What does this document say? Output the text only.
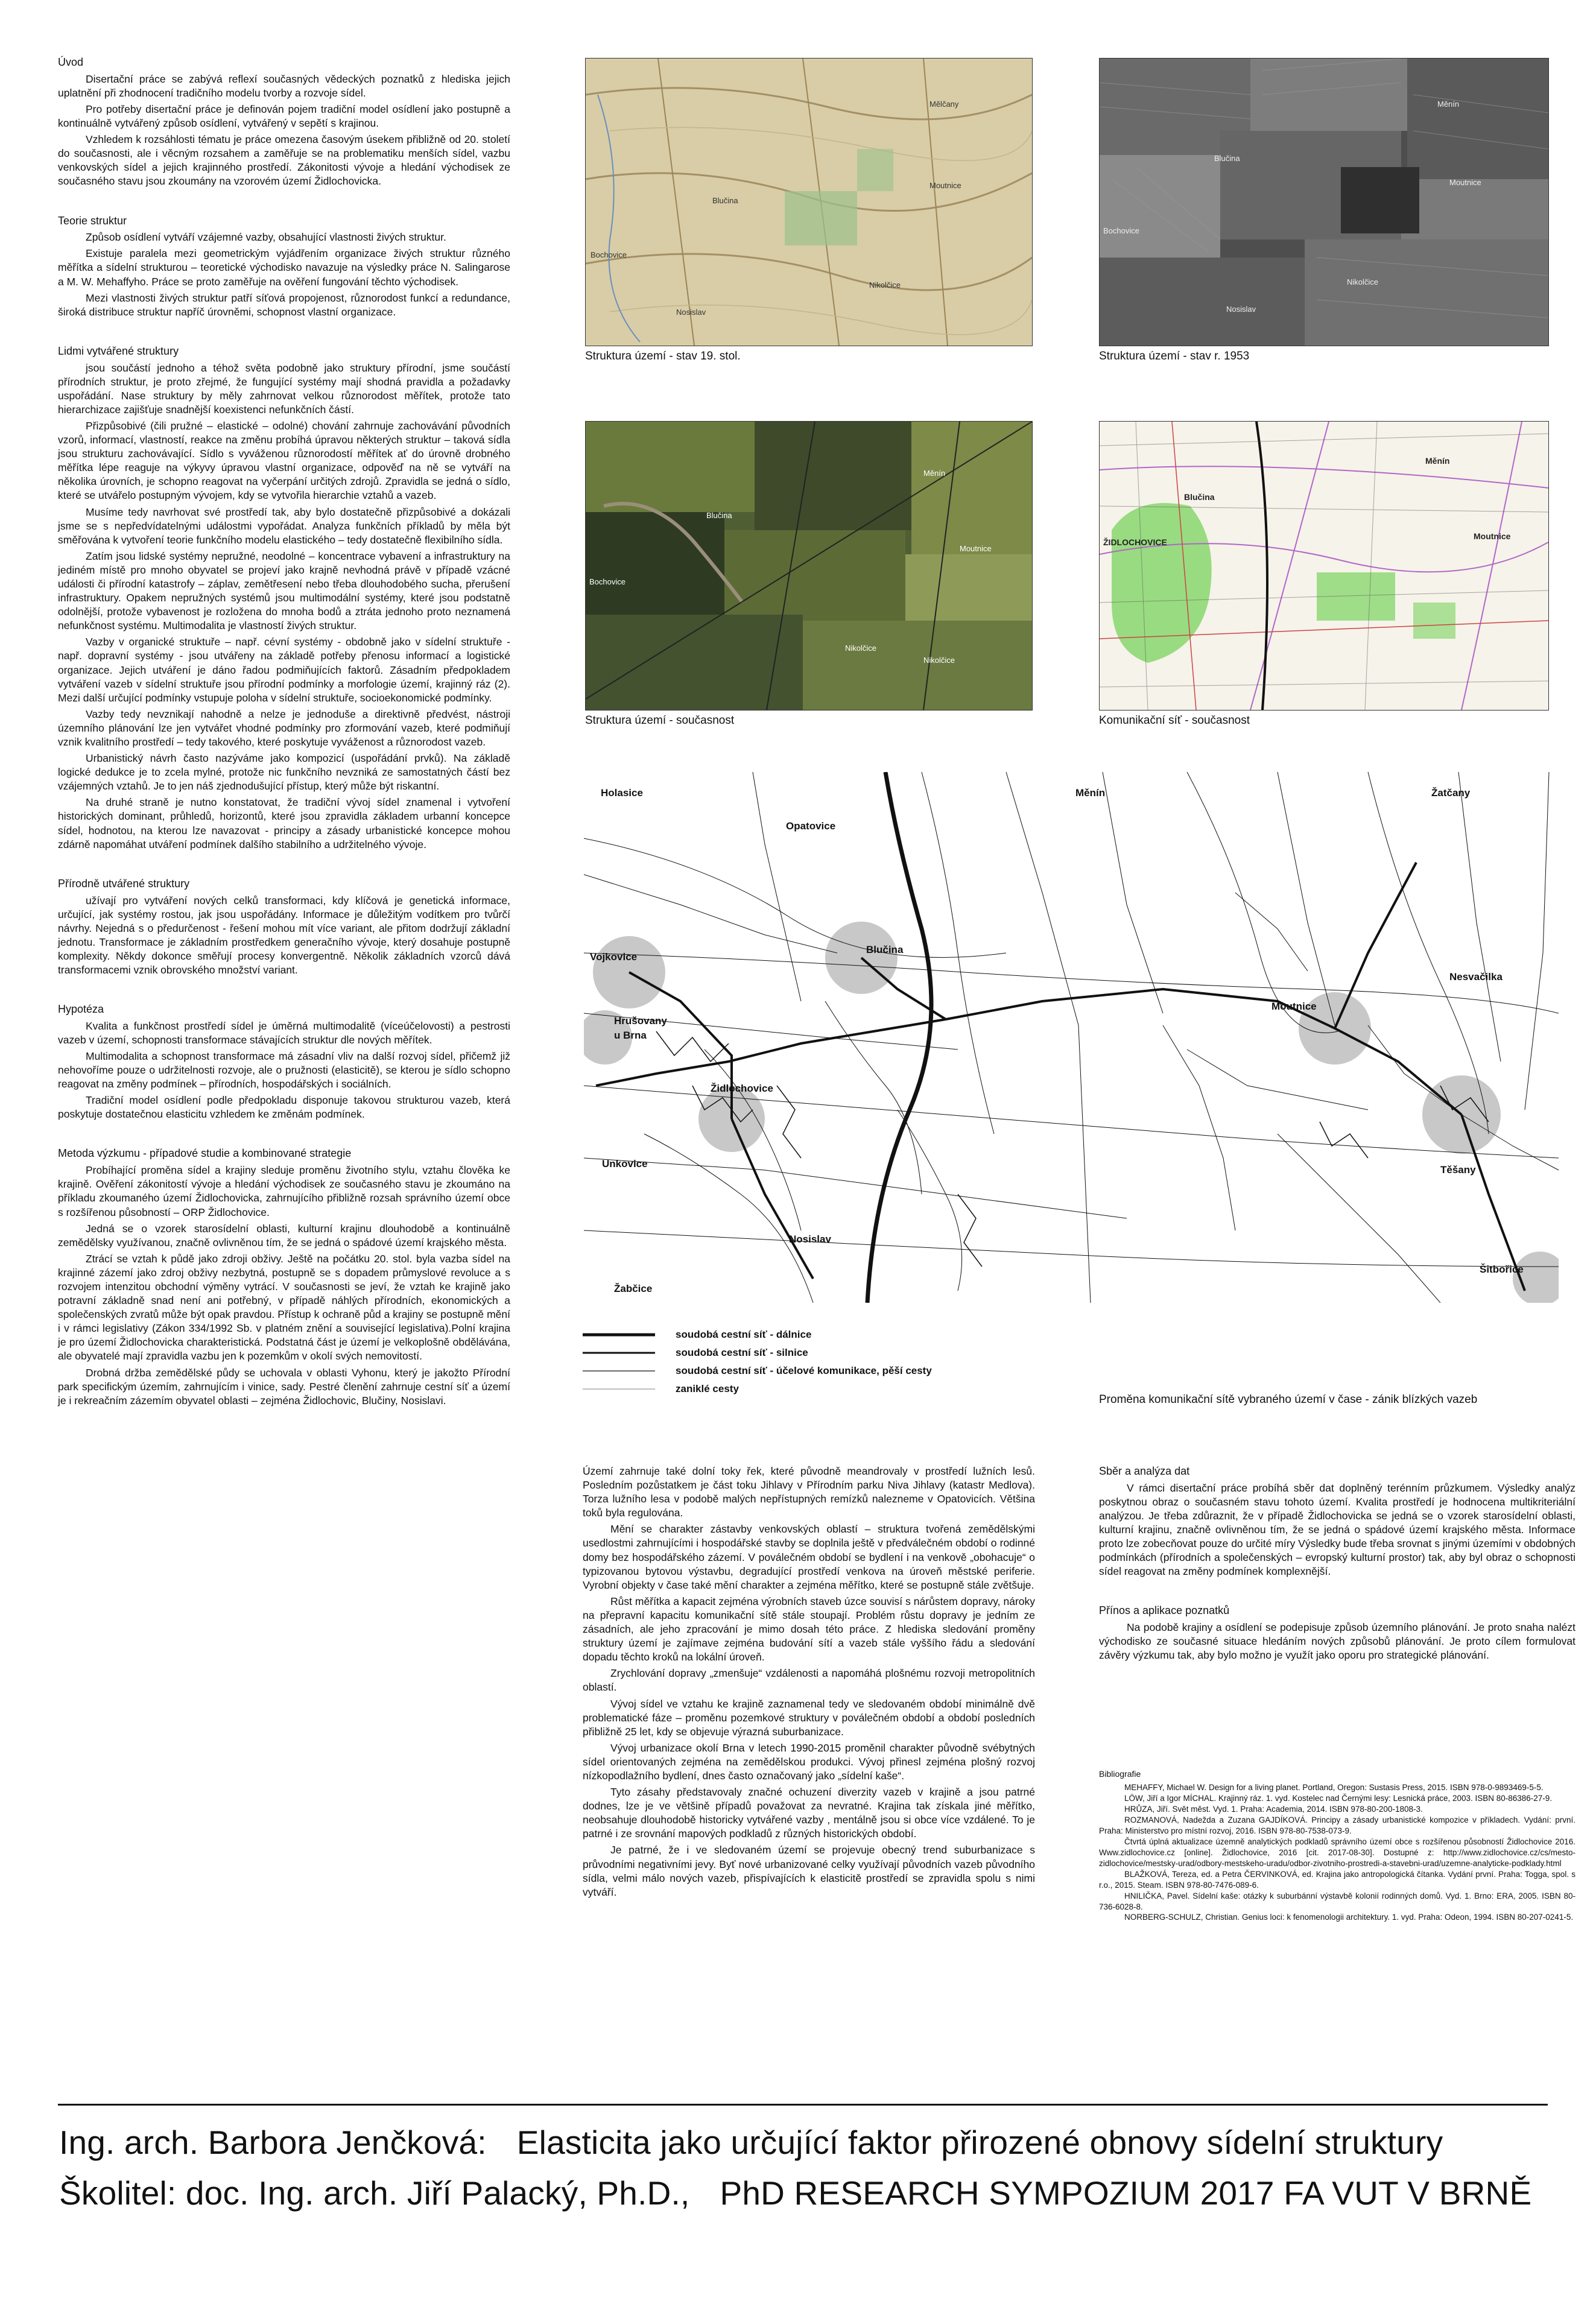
Úvod

Disertační práce se zabývá reflexí současných vědeckých poznatků z hlediska jejich uplatnění při zhodnocení tradičního modelu tvorby a rozvoje sídel.

Pro potřeby disertační práce je definován pojem tradiční model osídlení jako postupně a kontinuálně vytvářený způsob osídlení, vytvářený v sepětí s krajinou.

Vzhledem k rozsáhlosti tématu je práce omezena časovým úsekem přibližně od 20. století do současnosti, ale i věcným rozsahem a zaměřuje se na problematiku menších sídel, vazbu venkovských sídel a jejich krajinného prostředí. Zákonitosti vývoje a hledání východisek ze současného stavu jsou zkoumány na vzorovém území Židlochovicka.

Teorie struktur

Způsob osídlení vytváří vzájemné vazby, obsahující vlastnosti živých struktur.

Existuje paralela mezi geometrickým vyjádřením organizace živých struktur různého měřítka a sídelní strukturou – teoretické východisko navazuje na výsledky práce N. Salingarose a M. W. Mehaffyho. Práce se proto zaměřuje na ověření fungování těchto východisek.

Mezi vlastnosti živých struktur patří síťová propojenost, různorodost funkcí a redundance, široká distribuce struktur napříč úrovněmi, schopnost vlastní organizace.

Lidmi vytvářené struktury

jsou součástí jednoho a téhož světa podobně jako struktury přírodní, jsme součástí přírodních struktur, je proto zřejmé, že fungující systémy mají shodná pravidla a požadavky uspořádání. Nase struktury by měly zahrnovat velkou různorodost měřítek, protože tato hierarchizace zajišťuje snadnější koexistenci nefunkčních částí.

Přizpůsobivé (čili pružné – elastické – odolné) chování zahrnuje zachovávání původních vzorů, informací, vlastností, reakce na změnu probíhá úpravou některých struktur – taková sídla jsou strukturu zachovávající. Sídlo s vyváženou různorodostí měřítek ať do úrovně drobného měřítka lépe reaguje na výkyvy úpravou vlastní organizace, odpověď na ně se vytváří na několika úrovních, je schopno reagovat na vyčerpání určitých zdrojů. Zpravidla se jedná o sídlo, které se utvářelo postupným vývojem, kdy se vytvořila hierarchie vztahů a vazeb.

Musíme tedy navrhovat své prostředí tak, aby bylo dostatečně přizpůsobivé a dokázali jsme se s nepředvídatelnými událostmi vypořádat. Analyza funkčních příkladů by měla být směřována k vytvoření teorie funkčního modelu elastického – tedy dostatečně flexibilního sídla.

Zatím jsou lidské systémy nepružné, neodolné – koncentrace vybavení a infrastruktury na jediném místě pro mnoho obyvatel se projeví jako krajně nevhodná právě v případě vzácné události či přírodní katastrofy – záplav, zemětřesení nebo třeba dlouhodobého sucha, přerušení infrastruktury. Opakem nepružných systémů jsou multimodální systémy, které jsou podstatně odolnější, protože vybavenost je rozložena do mnoha bodů a ztráta jednoho proto neznamená nefunkčnost systému. Multimodalita je vlastností živých struktur.

Vazby v organické struktuře – např. cévní systémy - obdobně jako v sídelní struktuře - např. dopravní systémy - jsou utvářeny na základě potřeby přenosu informací a logistické organizace. Jejich utváření je dáno řadou podmiňujících faktorů. Zásadním předpokladem vytváření vazeb v sídelní struktuře jsou přírodní podmínky a morfologie území, krajinný ráz (2). Mezi další určující podmínky vstupuje poloha v sídelní struktuře, socioekonomické podmínky.

Vazby tedy nevznikají nahodně a nelze je jednoduše a direktivně předvést, nástroji územního plánování lze jen vytvářet vhodné podmínky pro zformování vazeb, které podmiňují vznik kvalitního prostředí – tedy takového, které poskytuje vyváženost a různorodost vazeb.

Urbanistický návrh často nazýváme jako kompozicí (uspořádání prvků). Na základě logické dedukce je to zcela mylné, protože nic funkčního nevzniká ze samostatných částí bez vzájemných vztahů. Je to jen náš zjednodušující přístup, který může být riskantní.

Na druhé straně je nutno konstatovat, že tradiční vývoj sídel znamenal i vytvoření historických dominant, průhledů, horizontů, které jsou zpravidla základem urbanní koncepce sídel, hodnotou, na kterou lze navazovat - principy a zásady urbanistické koncepce mohou zdárně napomáhat utváření podmínek dalšího stabilního a udržitelného vývoje.

Přírodně utvářené struktury

užívají pro vytváření nových celků transformaci, kdy klíčová je genetická informace, určující, jak systémy rostou, jak jsou uspořádány. Informace je důležitým vodítkem pro tvůrčí návrhy. Nejedná s o předurčenost - řešení mohou mít více variant, ale přitom dodržují základní jednotu. Transformace je základním prostředkem generačního vývoje, který dosahuje postupně komplexity. Někdy dokonce směřují procesy konvergentně. Několik základních vzorců dává transformacemi vznik obrovského množství variant.

Hypotéza

Kvalita a funkčnost prostředí sídel je úměrná multimodalitě (víceúčelovosti) a pestrosti vazeb v území, schopnosti transformace stávajících struktur dle nových měřítek.

Multimodalita a schopnost transformace má zásadní vliv na další rozvoj sídel, přičemž již nehovoříme pouze o udržitelnosti rozvoje, ale o pružnosti (elasticitě), se kterou je sídlo schopno reagovat na změny podmínek – přírodních, hospodářských i sociálních.

Tradiční model osídlení podle předpokladu disponuje takovou strukturou vazeb, která poskytuje dostatečnou elasticitu vzhledem ke změnám podmínek.

Metoda výzkumu - případové studie a kombinované strategie

Probíhající proměna sídel a krajiny sleduje proměnu životního stylu, vztahu člověka ke krajině. Ověření zákonitostí vývoje a hledání východisek ze současného stavu je zkoumáno na příkladu zkoumaného území Židlochovicka, zahrnujícího přibližně rozsah správního území obce s rozšířenou působností – ORP Židlochovice.

Jedná se o vzorek starosídelní oblasti, kulturní krajinu dlouhodobě a kontinuálně zemědělsky využívanou, značně ovlivněnou tím, že se jedná o spádové území krajského města.

Ztrácí se vztah k půdě jako zdroji obživy. Ještě na počátku 20. stol. byla vazba sídel na krajinné zázemí jako zdroj obživy nezbytná, postupně se s dopadem průmyslové revoluce a s rozvojem intenzitou obchodní výměny vytrácí. V současnosti se jeví, že vztah ke krajině jako potravní základně snad není ani potřebný, v případě náhlých přírodních, ekonomických a společenských zvratů může být opak pravdou. Přístup k ochraně půd a krajiny se postupně mění i v rámci legislativy (Zákon 334/1992 Sb. v platném znění a související legislativa).Polní krajina je pro území Židlochovicka charakteristická. Podstatná část je území je velkoplošně obdělávána, ale obyvatelé mají zpravidla vazbu jen k pozemkům v okolí svých nemovitostí.

Drobná držba zemědělské půdy se uchovala v oblasti Vyhonu, který je jakožto Přírodní park specifickým územím, zahrnujícím i vinice, sady. Pestré členění zahrnuje cestní síť a území je i rekreačním zázemím obyvatel oblasti – zejména Židlochovic, Blučiny, Nosislavi.

Mělčany
Blučina
Moutnice
Bochovice
Nikolčice
Nosislav
Struktura území - stav 19. stol.
Měnín
Blučina
Moutnice
Bochovice
Nikolčice
Nosislav
Struktura území - stav r. 1953
Měnín
Blučina
Moutnice
Bochovice
Nikolčice
Nikolčice
Struktura území - současnost
Měnín
Blučina
ŽIDLOCHOVICE
Moutnice
Komunikační síť - současnost
Holasice
Opatovice
Měnín	Žatčany
Vojkovice
Blučina
Nesvačilka
Hrušovany
u Brna
Moutnice
Židlochovice
Unkovice
Těšany
Nosislav
Žabčice
Šitbořice
soudobá cestní síť - dálnice
soudobá cestní síť - silnice
soudobá cestní síť - účelové komunikace, pěší cesty
zaniklé cesty
Proměna komunikační sítě vybraného území v čase - zánik blízkých vazeb

Území zahrnuje také dolní toky řek, které původně meandrovaly v prostředí lužních lesů. Posledním pozůstatkem je část toku Jihlavy v Přírodním parku Niva Jihlavy (katastr Medlova). Torza lužního lesa v podobě malých nepřístupných remízků nalezneme v Opatovicích. Většina toků byla regulována.

Mění se charakter zástavby venkovských oblastí – struktura tvořená zemědělskými usedlostmi zahrnujícími i hospodářské stavby se doplnila ještě v předválečném období o rodinné domy bez hospodářského zázemí. V poválečném období se bydlení i na venkově „obohacuje“ o typizovanou bytovou výstavbu, degradující prostředí venkova na úroveň městské periferie. Vyrobní objekty v čase také mění charakter a zejména měřítko, které se postupně stále zvětšuje.

Růst měřítka a kapacit zejména výrobních staveb úzce souvisí s nárůstem dopravy, nároky na přepravní kapacitu komunikační sítě stále stoupají. Problém růstu dopravy je jedním ze zásadních, ale jeho zpracování je mimo dosah této práce. Z hlediska sledování proměny struktury území je zajímave zejména budování sítí a vazeb stále vyššího řádu a sledování dopadu těchto kroků na lokální úroveň.

Zrychlování dopravy „zmenšuje“ vzdálenosti a napomáhá plošnému rozvoji metropolitních oblastí.

Vývoj sídel ve vztahu ke krajině zaznamenal tedy ve sledovaném období minimálně dvě problematické fáze – proměnu pozemkové struktury v poválečném období a období posledních přibližně 25 let, kdy se objevuje výrazná suburbanizace.

Vývoj urbanizace okolí Brna v letech 1990-2015 proměnil charakter původně svébytných sídel orientovaných zejména na zemědělskou produkci. Vývoj přinesl zejména plošný rozvoj nízkopodlažního bydlení, dnes často označovaný jako „sídelní kaše“.

Tyto zásahy představovaly značné ochuzení diverzity vazeb v krajině a jsou patrné dodnes, lze je ve většině případů považovat za nevratné. Krajina tak získala jiné měřítko, neobsahuje dlouhodobě historicky vytvářené vazby , mentálně jsou si obce více vzdálené. To je patrné i ze srovnání mapových podkladů z různých historických období.

Je patrné, že i ve sledovaném území se projevuje obecný trend suburbanizace s průvodními negativními jevy. Byť nové urbanizované celky využívají původních vazeb původního sídla, velmi málo nových vazeb, přispívajících k elasticitě prostředí se zpravidla spolu s nimi vytváří.

Sběr a analýza dat

V rámci disertační práce probíhá sběr dat doplněný terénním průzkumem. Výsledky analýz poskytnou obraz o současném stavu tohoto území. Kvalita prostředí je hodnocena multikriteriální analýzou. Je třeba zdůraznit, že v případě Židlochovicka se jedná se o vzorek starosídelní oblasti, kulturní krajinu, značně ovlivněnou tím, že se jedná o spádové území krajského města. Informace proto lze zobecňovat pouze do určité míry Výsledky bude třeba srovnat s jinými územími v obdobných podmínkách (přírodních a společenských – evropský kulturní prostor) tak, aby byl obraz o schopnosti sídel reagovat na změny podmínek komplexnější.

Přínos a aplikace poznatků

Na podobě krajiny a osídlení se podepisuje způsob územního plánování. Je proto snaha nalézt východisko ze současné situace hledáním nových způsobů plánování. Je proto cílem formulovat závěry výzkumu tak, aby bylo možno je využít jako oporu pro strategické plánování.

Bibliografie

MEHAFFY, Michael W. Design for a living planet. Portland, Oregon: Sustasis Press, 2015. ISBN 978-0-9893469-5-5.

LÖW, Jiří a Igor MÍCHAL. Krajinný ráz. 1. vyd. Kostelec nad Černými lesy: Lesnická práce, 2003. ISBN 80-86386-27-9.

HRŮZA, Jiří. Svět měst. Vyd. 1. Praha: Academia, 2014. ISBN 978-80-200-1808-3.

ROZMANOVÁ, Nadežda a Zuzana GAJDÍKOVÁ. Principy a zásady urbanistické kompozice v příkladech. Vydání: první. Praha: Ministerstvo pro místní rozvoj, 2016. ISBN 978-80-7538-073-9.

Čtvrtá úplná aktualizace územně analytických podkladů správního území obce s rozšířenou působností Židlochovice 2016. Www.zidlochovice.cz [online]. Židlochovice, 2016 [cit. 2017-08-30]. Dostupné z: http://www.zidlochovice.cz/cs/mesto-zidlochovice/mestsky-urad/odbory-mestskeho-uradu/odbor-zivotniho-prostredi-a-stavebni-urad/uzemne-analyticke-podklady.html

BLAŽKOVÁ, Tereza, ed. a Petra ČERVINKOVÁ, ed. Krajina jako antropologická čítanka. Vydání první. Praha: Togga, spol. s r.o., 2015. Steam. ISBN 978-80-7476-089-6.

HNILIČKA, Pavel. Sídelní kaše: otázky k suburbánní výstavbě kolonií rodinných domů. Vyd. 1. Brno: ERA, 2005. ISBN 80-736-6028-8.

NORBERG-SCHULZ, Christian. Genius loci: k fenomenologii architektury. 1. vyd. Praha: Odeon, 1994. ISBN 80-207-0241-5.

Ing. arch. Barbora Jenčková: Elasticita jako určující faktor přirozené obnovy sídelní struktury
Školitel: doc. Ing. arch. Jiří Palacký, Ph.D., PhD RESEARCH SYMPOZIUM 2017 FA VUT V BRNĚ
